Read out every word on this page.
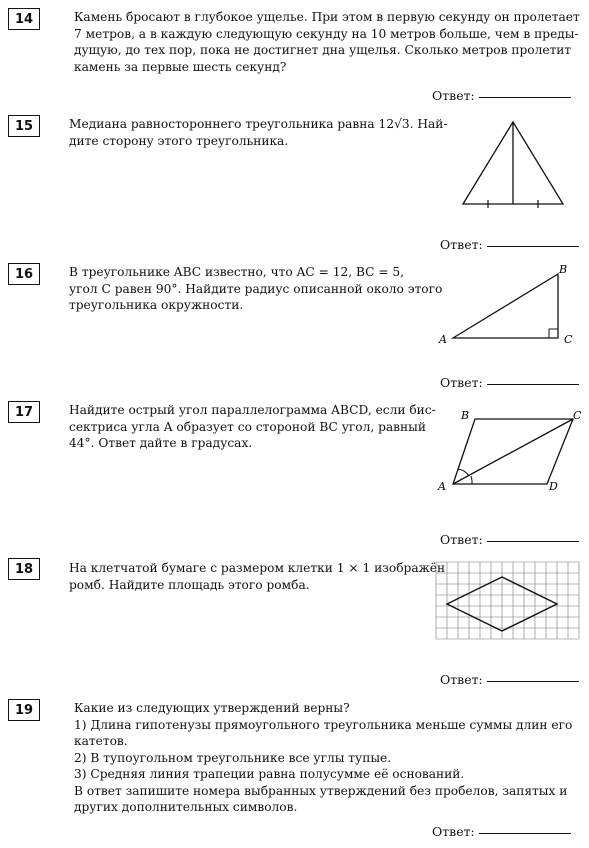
14	Камень бросают в глубокое ущелье. При этом в первую секунду он пролетает
7 метров, а в каждую следующую секунду на 10 метров больше, чем в преды-
дущую, до тех пор, пока не достигнет дна ущелья. Сколько метров пролетит
камень за первые шесть секунд?
Ответ:
15	Медиана равностороннего треугольника равна 12√3. Най-
дите сторону этого треугольника.
Ответ:
16	В треугольнике ABC известно, что AC = 12, BC = 5,
угол C равен 90°. Найдите радиус описанной около этого
треугольника окружности.
A
B
C
Ответ:
17	Найдите острый угол параллелограмма ABCD, если бис-
сектриса угла A образует со стороной BC угол, равный
44°. Ответ дайте в градусах.
A
B	C
D
Ответ:
18	На клетчатой бумаге с размером клетки 1 × 1 изображён
ромб. Найдите площадь этого ромба.
Ответ:
19	Какие из следующих утверждений верны?
1) Длина гипотенузы прямоугольного треугольника меньше суммы длин его
катетов.
2) В тупоугольном треугольнике все углы тупые.
3) Средняя линия трапеции равна полусумме её оснований.
В ответ запишите номера выбранных утверждений без пробелов, запятых и
других дополнительных символов.
Ответ:
